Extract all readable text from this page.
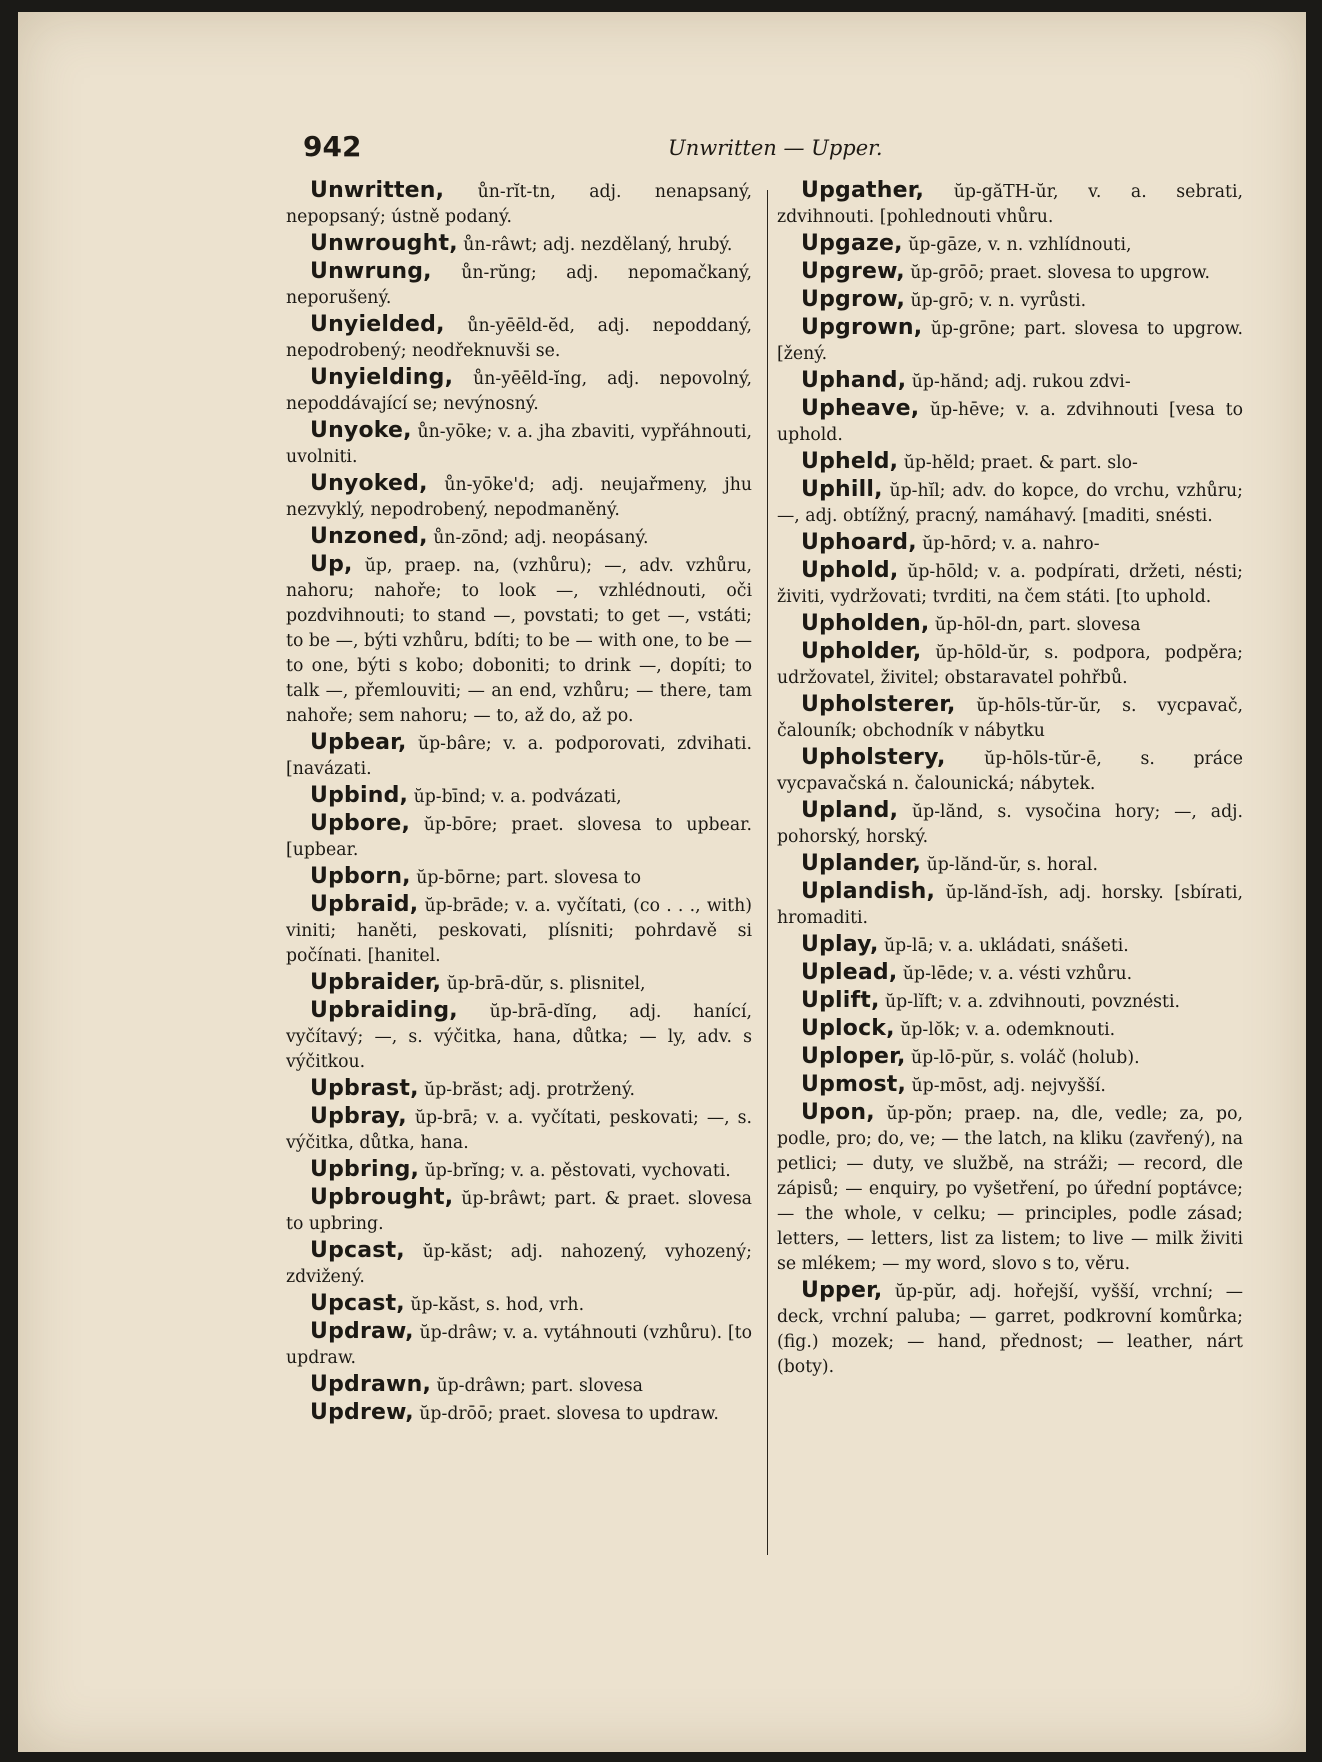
942	Unwritten — Upper.

Unwritten, ůn-rĭt-tn, adj. nenapsaný, nepopsaný; ústně podaný.

Unwrought, ůn-râwt; adj. nezdělaný, hrubý.

Unwrung, ůn-rŭng; adj. nepomačkaný, neporušený.

Unyielded, ůn-yēēld-ĕd, adj. nepoddaný, nepodrobený; neodřeknuvši se.

Unyielding, ůn-yēēld-ĭng, adj. nepovolný, nepoddávající se; nevýnosný.

Unyoke, ůn-yōke; v. a. jha zbaviti, vypřáhnouti, uvolniti.

Unyoked, ůn-yōke'd; adj. neujařmeny, jhu nezvyklý, nepodrobený, nepodmaněný.

Unzoned, ůn-zōnd; adj. neopásaný.

Up, ŭp, praep. na, (vzhůru); —, adv. vzhůru, nahoru; nahoře; to look —, vzhlédnouti, oči pozdvihnouti; to stand —, povstati; to get —, vstáti; to be —, býti vzhůru, bdíti; to be — with one, to be — to one, býti s kobo; doboniti; to drink —, dopíti; to talk —, přemlouviti; — an end, vzhůru; — there, tam nahoře; sem nahoru; — to, až do, až po.

Upbear, ŭp-bâre; v. a. podporovati, zdvihati. [navázati.

Upbind, ŭp-bīnd; v. a. podvázati,

Upbore, ŭp-bōre; praet. slovesa to upbear. [upbear.

Upborn, ŭp-bōrne; part. slovesa to

Upbraid, ŭp-brāde; v. a. vyčítati, (co . . ., with) viniti; haněti, peskovati, plísniti; pohrdavě si počínati. [hanitel.

Upbraider, ŭp-brā-dŭr, s. plisnitel,

Upbraiding, ŭp-brā-dĭng, adj. hanící, vyčítavý; —, s. výčitka, hana, důtka; — ly, adv. s výčitkou.

Upbrast, ŭp-brăst; adj. protržený.

Upbray, ŭp-brā; v. a. vyčítati, peskovati; —, s. výčitka, důtka, hana.

Upbring, ŭp-brĭng; v. a. pěstovati, vychovati.

Upbrought, ŭp-brâwt; part. & praet. slovesa to upbring.

Upcast, ŭp-kăst; adj. nahozený, vyhozený; zdvižený.

Upcast, ŭp-kăst, s. hod, vrh.

Updraw, ŭp-drâw; v. a. vytáhnouti (vzhůru). [to updraw.

Updrawn, ŭp-drâwn; part. slovesa

Updrew, ŭp-drōō; praet. slovesa to updraw.

Upgather, ŭp-găTH-ŭr, v. a. sebrati, zdvihnouti. [pohlednouti vhůru.

Upgaze, ŭp-gāze, v. n. vzhlídnouti,

Upgrew, ŭp-grōō; praet. slovesa to upgrow.

Upgrow, ŭp-grō; v. n. vyrůsti.

Upgrown, ŭp-grōne; part. slovesa to upgrow. [žený.

Uphand, ŭp-hănd; adj. rukou zdvi-

Upheave, ŭp-hēve; v. a. zdvihnouti [vesa to uphold.

Upheld, ŭp-hĕld; praet. & part. slo-

Uphill, ŭp-hĭl; adv. do kopce, do vrchu, vzhůru; —, adj. obtížný, pracný, namáhavý. [maditi, snésti.

Uphoard, ŭp-hōrd; v. a. nahro-

Uphold, ŭp-hōld; v. a. podpírati, držeti, nésti; živiti, vydržovati; tvrditi, na čem státi. [to uphold.

Upholden, ŭp-hōl-dn, part. slovesa

Upholder, ŭp-hōld-ŭr, s. podpora, podpěra; udržovatel, živitel; obstaravatel pohřbů.

Upholsterer, ŭp-hōls-tŭr-ŭr, s. vycpavač, čalouník; obchodník v nábytku

Upholstery, ŭp-hōls-tŭr-ē, s. práce vycpavačská n. čalounická; nábytek.

Upland, ŭp-lănd, s. vysočina hory; —, adj. pohorský, horský.

Uplander, ŭp-lănd-ŭr, s. horal.

Uplandish, ŭp-lănd-ĭsh, adj. horsky. [sbírati, hromaditi.

Uplay, ŭp-lā; v. a. ukládati, snášeti.

Uplead, ŭp-lēde; v. a. vésti vzhůru.

Uplift, ŭp-lĭft; v. a. zdvihnouti, povznésti.

Uplock, ŭp-lŏk; v. a. odemknouti.

Uploper, ŭp-lō-pŭr, s. voláč (holub).

Upmost, ŭp-mōst, adj. nejvyšší.

Upon, ŭp-pŏn; praep. na, dle, vedle; za, po, podle, pro; do, ve; — the latch, na kliku (zavřený), na petlici; — duty, ve službě, na stráži; — record, dle zápisů; — enquiry, po vyšetření, po úřední poptávce; — the whole, v celku; — principles, podle zásad; letters, — letters, list za listem; to live — milk živiti se mlékem; — my word, slovo s to, věru.

Upper, ŭp-pŭr, adj. hořejší, vyšší, vrchní; — deck, vrchní paluba; — garret, podkrovní komůrka; (fig.) mozek; — hand, přednost; — leather, nárt (boty).
